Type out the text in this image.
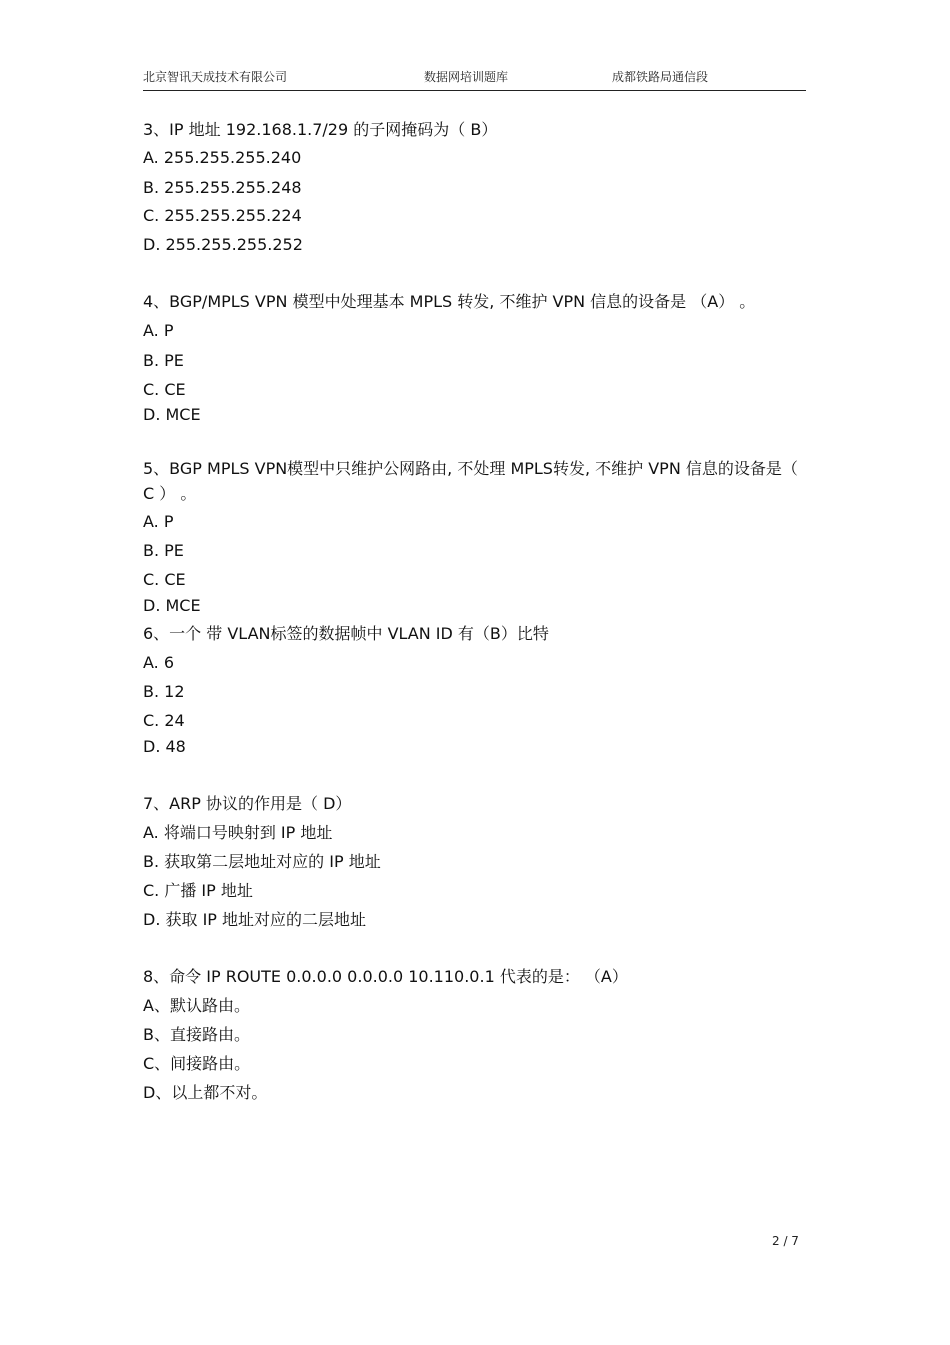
北京智讯天成技术有限公司	数据网培训题库	成都铁路局通信段
3、IP 地址 192.168.1.7/29 的子网掩码为（ B）
A. 255.255.255.240
B. 255.255.255.248
C. 255.255.255.224
D. 255.255.255.252
4、BGP/MPLS VPN 模型中处理基本 MPLS 转发, 不维护 VPN 信息的设备是 （A） 。
A. P
B. PE
C. CE
D. MCE
5、BGP MPLS VPN模型中只维护公网路由, 不处理 MPLS转发, 不维护 VPN 信息的设备是（ C ） 。
A. P
B. PE
C. CE
D. MCE
6、一个 带 VLAN标签的数据帧中 VLAN ID 有（B）比特
A. 6
B. 12
C. 24
D. 48
7、ARP 协议的作用是（ D）
A. 将端口号映射到 IP 地址
B. 获取第二层地址对应的 IP 地址
C. 广播 IP 地址
D. 获取 IP 地址对应的二层地址
8、命令 IP ROUTE 0.0.0.0 0.0.0.0 10.110.0.1 代表的是： （A）
A、默认路由。
B、直接路由。
C、间接路由。
D、以上都不对。
2 / 7
